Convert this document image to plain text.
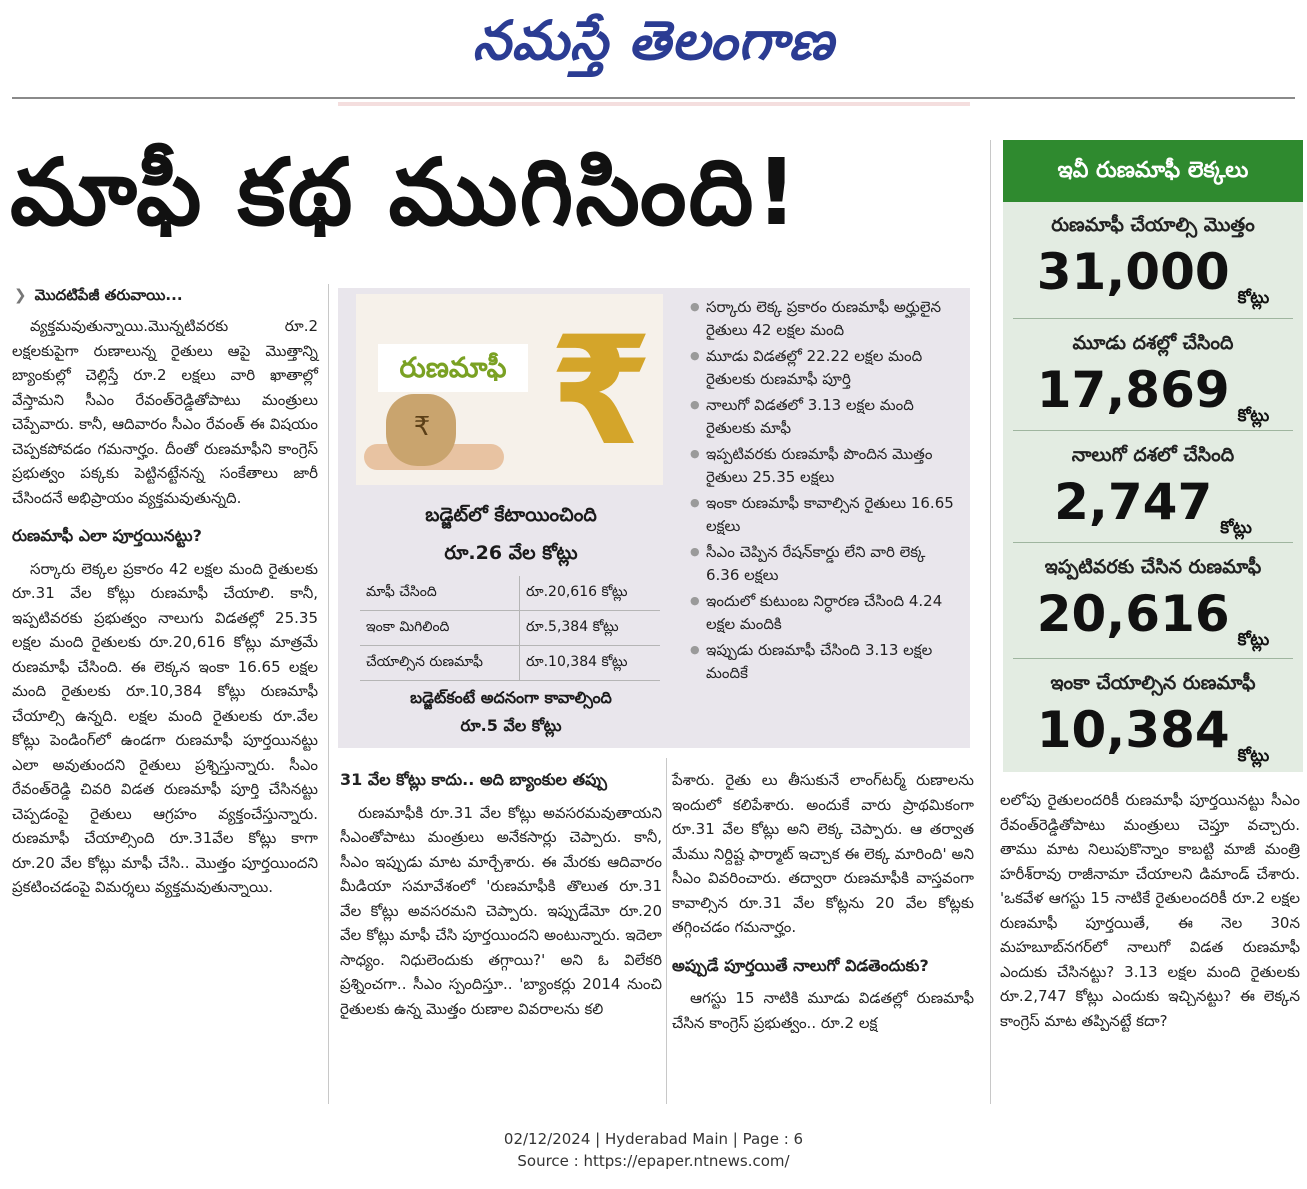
నమస్తే తెలంగాణ
మాఫీ కథ ముగిసింది!
❯ మొదటిపేజీ తరువాయి...
వ్యక్తమవుతున్నాయి.మొన్నటివరకు రూ.2 లక్షలకుపైగా రుణాలున్న రైతులు ఆపై మొత్తాన్ని బ్యాంకుల్లో చెల్లిస్తే రూ.2 లక్షలు వారి ఖాతాల్లో వేస్తామని సీఎం రేవంత్‌రెడ్డితోపాటు మంత్రులు చెప్పేవారు. కానీ, ఆదివారం సీఎం రేవంత్ ఈ విషయం చెప్పకపోవడం గమనార్హం. దీంతో రుణమాఫీని కాంగ్రెస్ ప్రభుత్వం పక్కకు పెట్టినట్టేనన్న సంకేతాలు జారీ చేసిందనే అభిప్రాయం వ్యక్తమవుతున్నది.
రుణమాఫీ ఎలా పూర్తయినట్టు?
సర్కారు లెక్కల ప్రకారం 42 లక్షల మంది రైతులకు రూ.31 వేల కోట్లు రుణమాఫీ చేయాలి. కానీ, ఇప్పటివరకు ప్రభుత్వం నాలుగు విడతల్లో 25.35 లక్షల మంది రైతులకు రూ.20,616 కోట్లు మాత్రమే రుణమాఫీ చేసింది. ఈ లెక్కన ఇంకా 16.65 లక్షల మంది రైతులకు రూ.10,384 కోట్లు రుణమాఫీ చేయాల్సి ఉన్నది. లక్షల మంది రైతులకు రూ.వేల కోట్లు పెండింగ్‌లో ఉండగా రుణమాఫీ పూర్తయినట్టు ఎలా అవుతుందని రైతులు ప్రశ్నిస్తున్నారు. సీఎం రేవంత్‌రెడ్డి చివరి విడత రుణమాఫీ పూర్తి చేసినట్టు చెప్పడంపై రైతులు ఆగ్రహం వ్యక్తంచేస్తున్నారు. రుణమాఫీ చేయాల్సింది రూ.31వేల కోట్లు కాగా రూ.20 వేల కోట్లు మాఫీ చేసి.. మొత్తం పూర్తయిందని ప్రకటించడంపై విమర్శలు వ్యక్తమవుతున్నాయి.
₹
రుణమాఫీ ₹
బడ్జెట్‌లో కేటాయించింది
రూ.26 వేల కోట్లు
మాఫీ చేసింది	రూ.20,616 కోట్లు
ఇంకా మిగిలింది	రూ.5,384 కోట్లు
చేయాల్సిన రుణమాఫీ	రూ.10,384 కోట్లు
బడ్జెట్‌కంటే అదనంగా కావాల్సింది
రూ.5 వేల కోట్లు
● సర్కారు లెక్క ప్రకారం రుణమాఫీ అర్హులైన రైతులు 42 లక్షల మంది
● మూడు విడతల్లో 22.22 లక్షల మంది రైతులకు రుణమాఫీ పూర్తి
● నాలుగో విడతలో 3.13 లక్షల మంది రైతులకు మాఫీ
● ఇప్పటివరకు రుణమాఫీ పొందిన మొత్తం రైతులు 25.35 లక్షలు
● ఇంకా రుణమాఫీ కావాల్సిన రైతులు 16.65 లక్షలు
● సీఎం చెప్పిన రేషన్‌కార్డు లేని వారి లెక్క 6.36 లక్షలు
● ఇందులో కుటుంబ నిర్ధారణ చేసింది 4.24 లక్షల మందికి
● ఇప్పుడు రుణమాఫీ చేసింది 3.13 లక్షల మందికే
ఇవీ రుణమాఫీ లెక్కలు
రుణమాఫీ చేయాల్సి మొత్తం
31,000 $_{కోట్లు}$
మూడు దశల్లో చేసింది
17,869 $_{కోట్లు}$
నాలుగో దశలో చేసింది
2,747 $_{కోట్లు}$
ఇప్పటివరకు చేసిన రుణమాఫీ
20,616 $_{కోట్లు}$
ఇంకా చేయాల్సిన రుణమాఫీ
10,384 $_{కోట్లు}$
31 వేల కోట్లు కాదు.. అది బ్యాంకుల తప్పు
రుణమాఫీకి రూ.31 వేల కోట్లు అవసరమవుతాయని సీఎంతోపాటు మంత్రులు అనేకసార్లు చెప్పారు. కానీ, సీఎం ఇప్పుడు మాట మార్చేశారు. ఈ మేరకు ఆదివారం మీడియా సమావేశంలో 'రుణమాఫీకి తొలుత రూ.31 వేల కోట్లు అవసరమని చెప్పారు. ఇప్పుడేమో రూ.20 వేల కోట్లు మాఫీ చేసి పూర్తయిందని అంటున్నారు. ఇదెలా సాధ్యం. నిధులెందుకు తగ్గాయి?' అని ఓ విలేకరి ప్రశ్నించగా.. సీఎం స్పందిస్తూ.. 'బ్యాంకర్లు 2014 నుంచి రైతులకు ఉన్న మొత్తం రుణాల వివరాలను కలి
పేశారు. రైతు లు తీసుకునే లాంగ్‌టర్మ్ రుణాలను ఇందులో కలిపేశారు. అందుకే వారు ప్రాథమికంగా రూ.31 వేల కోట్లు అని లెక్క చెప్పారు. ఆ తర్వాత మేము నిర్దిష్ట ఫార్మాట్ ఇచ్చాక ఈ లెక్క మారింది' అని సీఎం వివరించారు. తద్వారా రుణమాఫీకి వాస్తవంగా కావాల్సిన రూ.31 వేల కోట్లను 20 వేల కోట్లకు తగ్గించడం గమనార్హం.
అప్పుడే పూర్తయితే నాలుగో విడతెందుకు?
ఆగస్టు 15 నాటికి మూడు విడతల్లో రుణమాఫీ చేసిన కాంగ్రెస్ ప్రభుత్వం.. రూ.2 లక్ష
లలోపు రైతులందరికీ రుణమాఫీ పూర్తయినట్టు సీఎం రేవంత్‌రెడ్డితోపాటు మంత్రులు చెప్తూ వచ్చారు. తాము మాట నిలుపుకొన్నాం కాబట్టి మాజీ మంత్రి హరీశ్‌రావు రాజీనామా చేయాలని డిమాండ్ చేశారు. 'ఒకవేళ ఆగస్టు 15 నాటికే రైతులందరికీ రూ.2 లక్షల రుణమాఫీ పూర్తయితే, ఈ నెల 30న మహబూబ్‌నగర్‌లో నాలుగో విడత రుణమాఫీ ఎందుకు చేసినట్టు? 3.13 లక్షల మంది రైతులకు రూ.2,747 కోట్లు ఎందుకు ఇచ్చినట్టు? ఈ లెక్కన కాంగ్రెస్ మాట తప్పినట్టే కదా?
02/12/2024 | Hyderabad Main | Page : 6
Source : https://epaper.ntnews.com/
